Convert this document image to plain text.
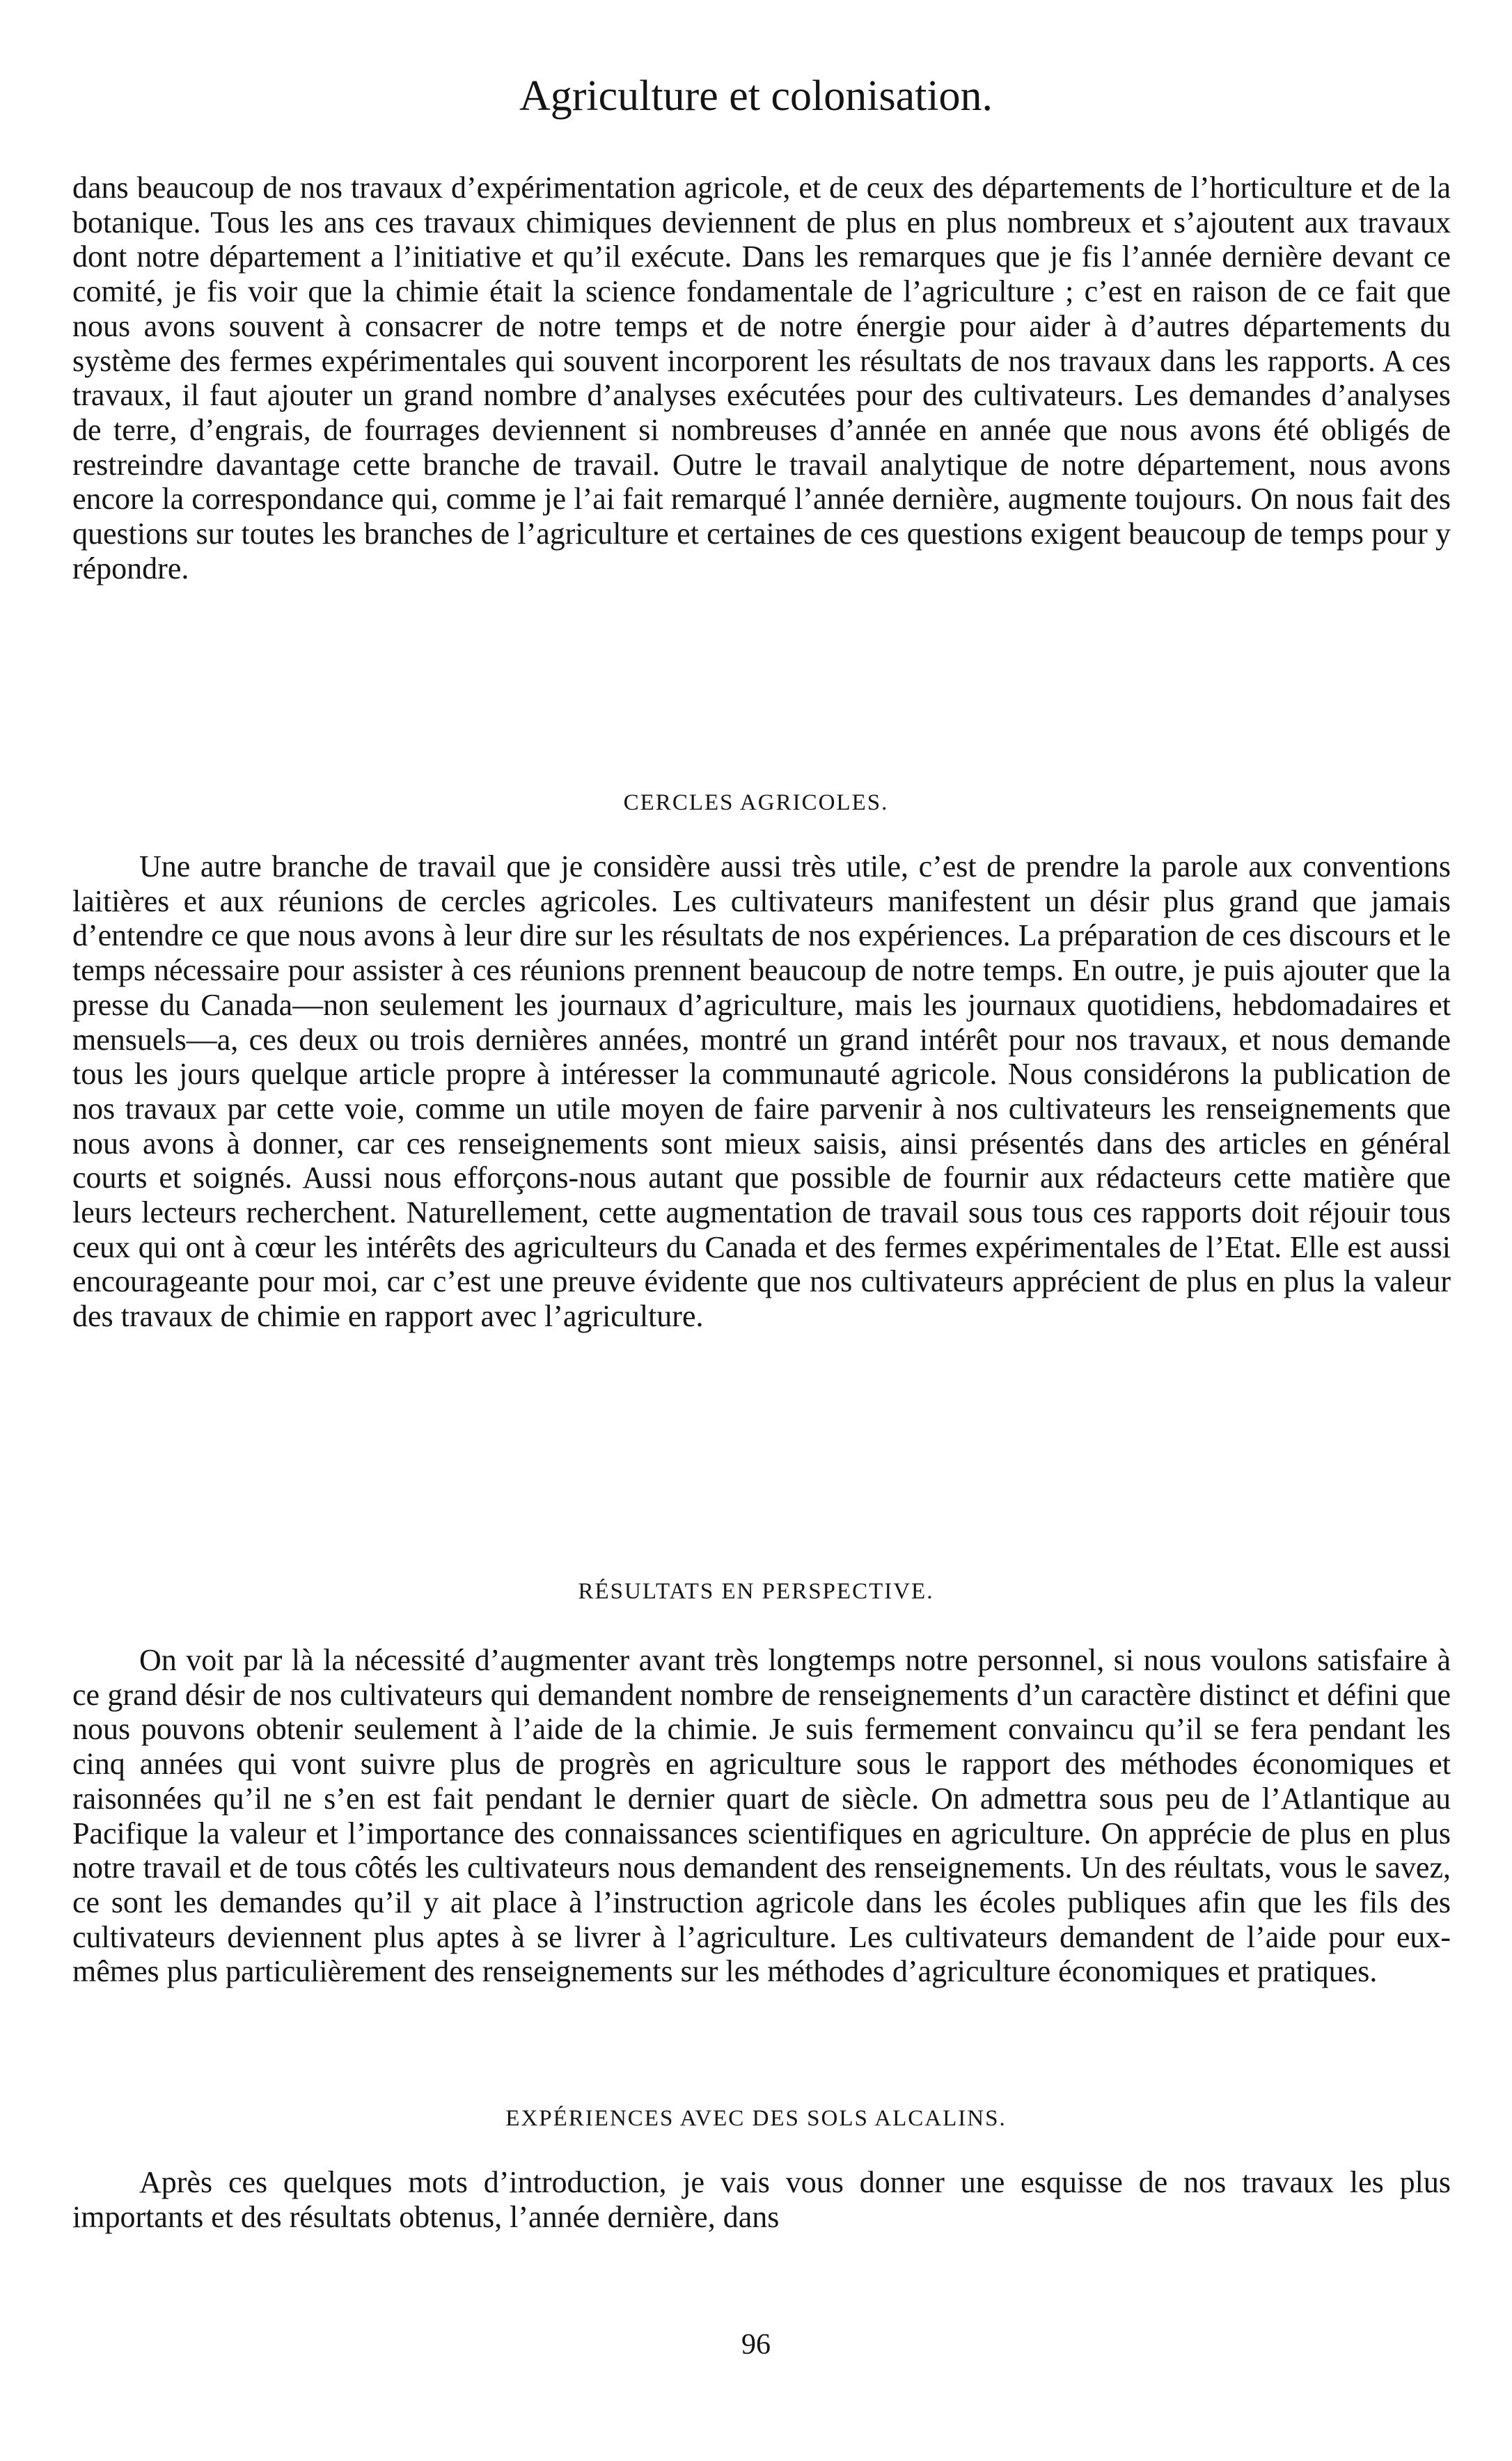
Agriculture et colonisation.

dans beaucoup de nos travaux d’expérimentation agricole, et de ceux des départements de l’horticulture et de la botanique. Tous les ans ces travaux chimiques deviennent de plus en plus nombreux et s’ajoutent aux travaux dont notre département a l’initiative et qu’il exécute. Dans les remarques que je fis l’année dernière devant ce comité, je fis voir que la chimie était la science fondamentale de l’agriculture ; c’est en raison de ce fait que nous avons souvent à consacrer de notre temps et de notre énergie pour aider à d’autres départements du système des fermes expérimentales qui souvent incorporent les résultats de nos travaux dans les rapports. A ces travaux, il faut ajouter un grand nombre d’analyses exécutées pour des cultivateurs. Les demandes d’analyses de terre, d’engrais, de fourrages deviennent si nombreuses d’année en année que nous avons été obligés de restreindre davantage cette branche de travail. Outre le travail analytique de notre département, nous avons encore la correspondance qui, comme je l’ai fait remarqué l’année dernière, augmente toujours. On nous fait des questions sur toutes les branches de l’agriculture et certaines de ces questions exigent beaucoup de temps pour y répondre.

CERCLES AGRICOLES.

Une autre branche de travail que je considère aussi très utile, c’est de prendre la parole aux conventions laitières et aux réunions de cercles agricoles. Les cultivateurs manifestent un désir plus grand que jamais d’entendre ce que nous avons à leur dire sur les résultats de nos expériences. La préparation de ces discours et le temps nécessaire pour assister à ces réunions prennent beaucoup de notre temps. En outre, je puis ajouter que la presse du Canada—non seulement les journaux d’agriculture, mais les journaux quotidiens, hebdomadaires et mensuels—a, ces deux ou trois dernières années, montré un grand intérêt pour nos travaux, et nous demande tous les jours quelque article propre à intéresser la communauté agricole. Nous considérons la publication de nos travaux par cette voie, comme un utile moyen de faire parvenir à nos cultivateurs les renseignements que nous avons à donner, car ces renseignements sont mieux saisis, ainsi présentés dans des articles en général courts et soignés. Aussi nous efforçons-nous autant que possible de fournir aux rédacteurs cette matière que leurs lecteurs recherchent. Naturellement, cette augmentation de travail sous tous ces rapports doit réjouir tous ceux qui ont à cœur les intérêts des agriculteurs du Canada et des fermes expérimentales de l’Etat. Elle est aussi encourageante pour moi, car c’est une preuve évidente que nos cultivateurs apprécient de plus en plus la valeur des travaux de chimie en rapport avec l’agriculture.

RÉSULTATS EN PERSPECTIVE.

On voit par là la nécessité d’augmenter avant très longtemps notre personnel, si nous voulons satisfaire à ce grand désir de nos cultivateurs qui demandent nombre de renseignements d’un caractère distinct et défini que nous pouvons obtenir seulement à l’aide de la chimie. Je suis fermement convaincu qu’il se fera pendant les cinq années qui vont suivre plus de progrès en agriculture sous le rapport des méthodes économiques et raisonnées qu’il ne s’en est fait pendant le dernier quart de siècle. On admettra sous peu de l’Atlantique au Pacifique la valeur et l’importance des connaissances scientifiques en agriculture. On apprécie de plus en plus notre travail et de tous côtés les cultivateurs nous demandent des renseignements. Un des réultats, vous le savez, ce sont les demandes qu’il y ait place à l’instruction agricole dans les écoles publiques afin que les fils des cultivateurs deviennent plus aptes à se livrer à l’agriculture. Les cultivateurs demandent de l’aide pour eux-mêmes plus particulièrement des renseignements sur les méthodes d’agriculture économiques et pratiques.

EXPÉRIENCES AVEC DES SOLS ALCALINS.

Après ces quelques mots d’introduction, je vais vous donner une esquisse de nos travaux les plus importants et des résultats obtenus, l’année dernière, dans

96
